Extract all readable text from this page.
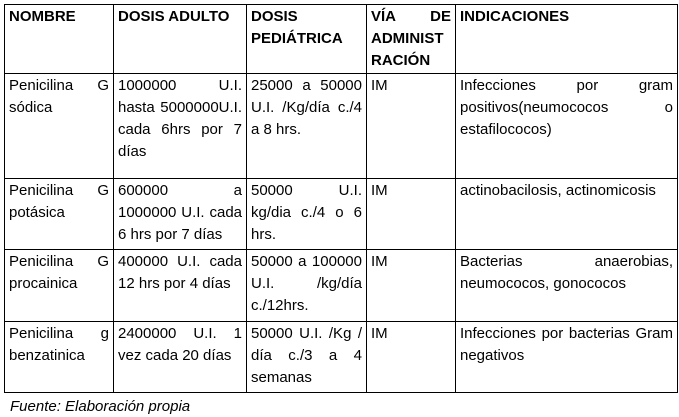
NOMBRE	DOSIS ADULTO	DOSIS PEDIÁTRICA	VÍA DE ADMINISTRACIÓN	INDICACIONES
Penicilina G sódica	1000000 U.I. hasta 5000000U.I. cada 6hrs por 7 días	25000 a 50000 U.I. /Kg/día c./4 a 8 hrs.	IM	Infecciones por gram positivos(neumococos o estafilococos)
Penicilina G potásica	600000 a 1000000 U.I. cada 6 hrs por 7 días	50000 U.I. kg/dia c./4 o 6 hrs.	IM	actinobacilosis, actinomicosis
Penicilina G procainica	400000 U.I. cada 12 hrs por 4 días	50000 a 100000 U.I. /kg/día c./12hrs.	IM	Bacterias anaerobias, neumococos, gonococos
Penicilina g benzatinica	2400000 U.I. 1 vez cada 20 días	50000 U.I. /Kg / día c./3 a 4 semanas	IM	Infecciones por bacterias Gram negativos

Fuente: Elaboración propia
